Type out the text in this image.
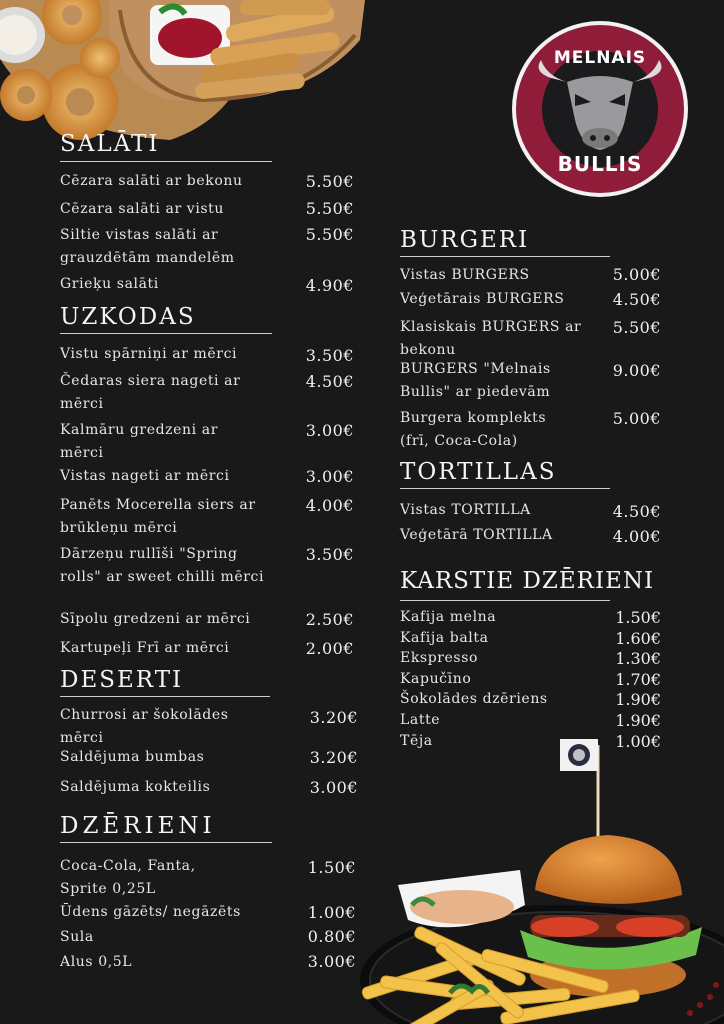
MELNAIS
BULLIS
SALĀTI
Cēzara salāti ar bekonu	5.50€
Cēzara salāti ar vistu	5.50€
Siltie vistas salāti ar grauzdētām mandelēm
5.50€
Grieķu salāti	4.90€
UZKODAS
Vistu spārniņi ar mērci	3.50€
Čedaras siera nageti ar mērci
4.50€
Kalmāru gredzeni ar mērci
3.00€
Vistas nageti ar mērci	3.00€
Panēts Mocerella siers ar brūkleņu mērci
4.00€
Dārzeņu rullīši "Spring rolls" ar sweet chilli mērci
3.50€
Sīpolu gredzeni ar mērci	2.50€
Kartupeļi Frī ar mērci	2.00€
DESERTI
Churrosi ar šokolādes mērci
3.20€
Saldējuma bumbas	3.20€
Saldējuma kokteilis	3.00€
DZĒRIENI
Coca-Cola, Fanta, Sprite 0,25L
1.50€
Ūdens gāzēts/ negāzēts	1.00€
Sula	0.80€
Alus 0,5L	3.00€
BURGERI
Vistas BURGERS	5.00€
Veģetārais BURGERS	4.50€
Klasiskais BURGERS ar bekonu
5.50€
BURGERS "Melnais Bullis" ar piedevām
9.00€
Burgera komplekts (frī, Coca-Cola)
5.00€
TORTILLAS
Vistas TORTILLA	4.50€
Veģetārā TORTILLA	4.00€
KARSTIE DZĒRIENI
Kafija melna	1.50€
Kafija balta	1.60€
Ekspresso	1.30€
Kapučīno	1.70€
Šokolādes dzēriens	1.90€
Latte	1.90€
Tēja	1.00€
